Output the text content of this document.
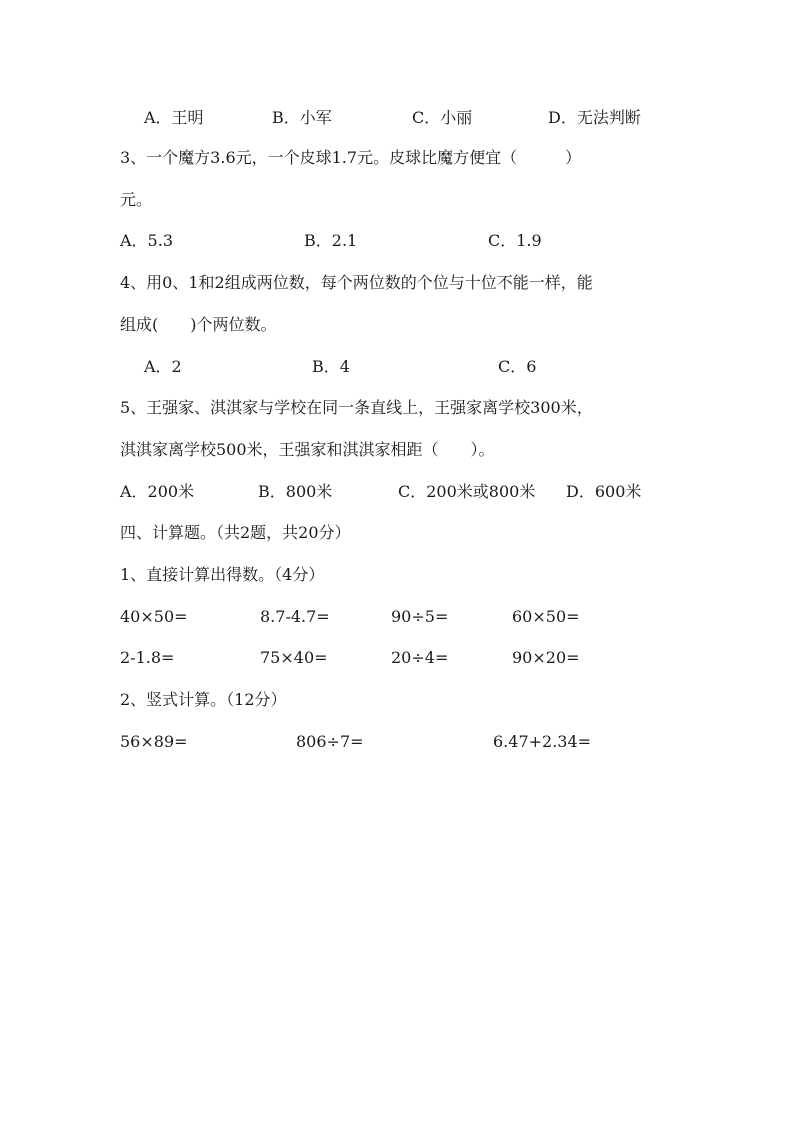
A．王明	B．小军	C．小丽	D．无法判断
3、一个魔方3.6元，一个皮球1.7元。皮球比魔方便宜（　　　）
元。
A．5.3	B．2.1	C．1.9
4、用0、1和2组成两位数，每个两位数的个位与十位不能一样，能
组成(　　)个两位数。
A．2	B．4	C．6
5、王强家、淇淇家与学校在同一条直线上，王强家离学校300米，
淇淇家离学校500米，王强家和淇淇家相距（　　）。
A．200米	B．800米	C．200米或800米 D．600米
四、计算题。（共2题，共20分）
1、直接计算出得数。（4分）
40×50=	8.7-4.7=	90÷5=	60×50=
2-1.8=	75×40=	20÷4=	90×20=
2、竖式计算。（12分）
56×89=	806÷7=	6.47+2.34=
